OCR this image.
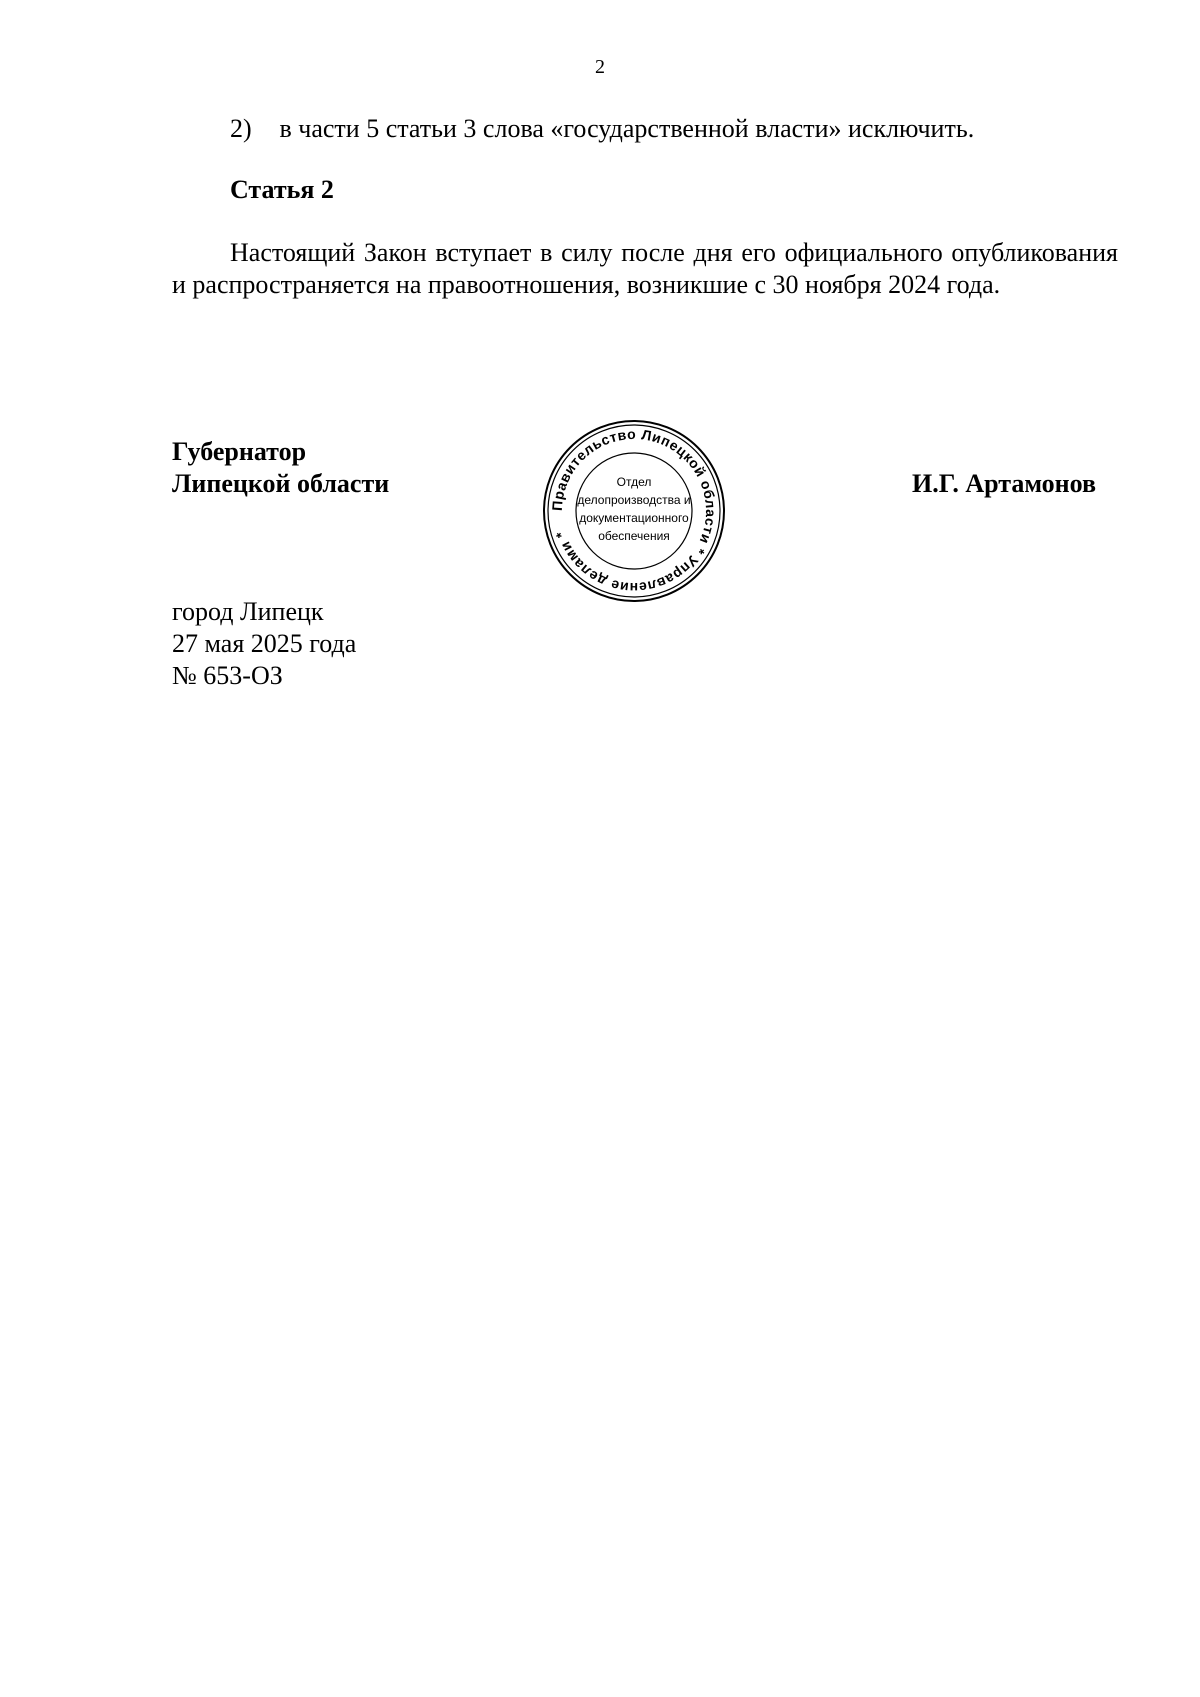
2
2) в части 5 статьи 3 слова «государственной власти» исключить.
Статья 2
Настоящий Закон вступает в силу после дня его официального опубликования и распространяется на правоотношения, возникшие с 30 ноября 2024 года.
Губернатор
Липецкой области
Правительство Липецкой области * Управление делами *
Отдел
делопроизводства и
документационного
обеспечения
И.Г. Артамонов
город Липецк
27 мая 2025 года
№ 653-ОЗ
